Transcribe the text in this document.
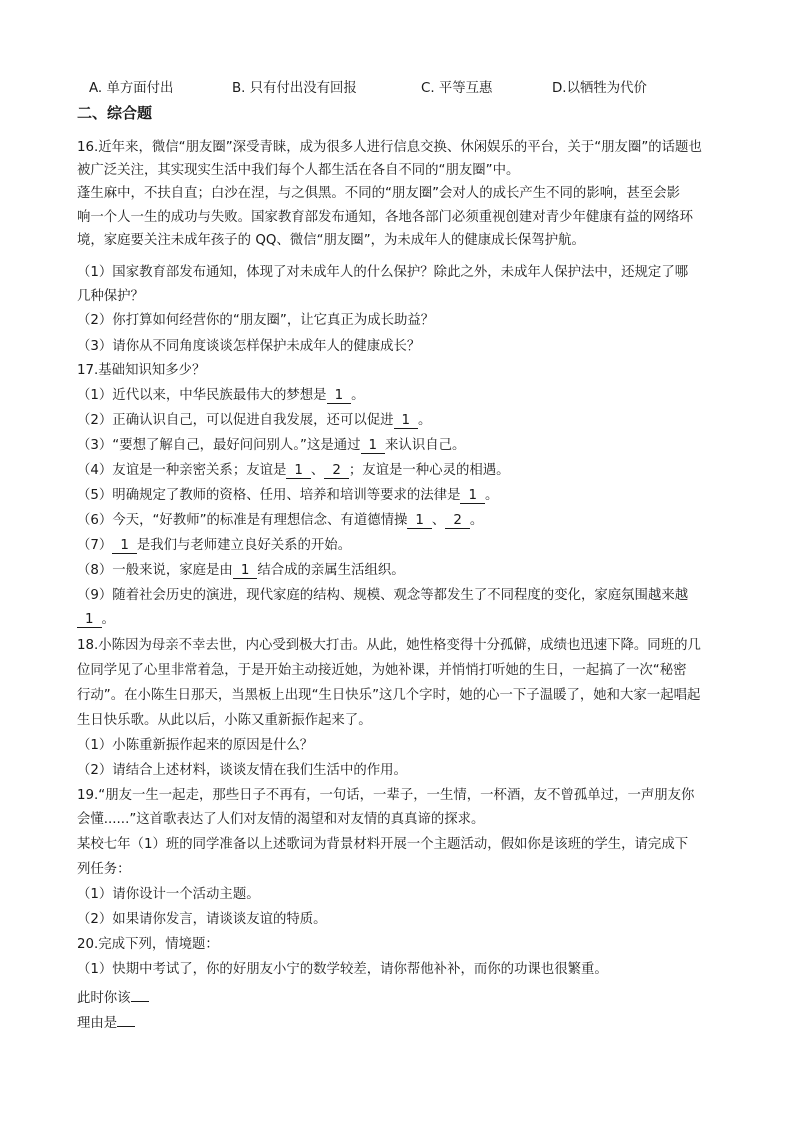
A. 单方面付出	B. 只有付出没有回报	C. 平等互惠	D.以牺牲为代价
二、综合题
16.近年来，微信“朋友圈”深受青睐，成为很多人进行信息交换、休闲娱乐的平台，关于“朋友圈”的话题也
被广泛关注，其实现实生活中我们每个人都生活在各自不同的“朋友圈”中。
蓬生麻中，不扶自直；白沙在涅，与之俱黑。不同的“朋友圈”会对人的成长产生不同的影响，甚至会影
响一个人一生的成功与失败。国家教育部发布通知，各地各部门必须重视创建对青少年健康有益的网络环
境，家庭要关注未成年孩子的 QQ、微信“朋友圈”，为未成年人的健康成长保驾护航。
（1）国家教育部发布通知，体现了对未成年人的什么保护？除此之外，未成年人保护法中，还规定了哪
几种保护？
（2）你打算如何经营你的“朋友圈”，让它真正为成长助益？
（3）请你从不同角度谈谈怎样保护未成年人的健康成长？
17.基础知识知多少？
（1）近代以来，中华民族最伟大的梦想是 1 。
（2）正确认识自己，可以促进自我发展，还可以促进 1 。
（3）“要想了解自己，最好问问别人。”这是通过 1 来认识自己。
（4）友谊是一种亲密关系；友谊是 1 、 2 ；友谊是一种心灵的相遇。
（5）明确规定了教师的资格、任用、培养和培训等要求的法律是 1 。
（6）今天，“好教师”的标准是有理想信念、有道德情操 1 、 2 。
（7） 1 是我们与老师建立良好关系的开始。
（8）一般来说，家庭是由 1 结合成的亲属生活组织。
（9）随着社会历史的演进，现代家庭的结构、规模、观念等都发生了不同程度的变化，家庭氛围越来越
1 。
18.小陈因为母亲不幸去世，内心受到极大打击。从此，她性格变得十分孤僻，成绩也迅速下降。同班的几
位同学见了心里非常着急，于是开始主动接近她，为她补课，并悄悄打听她的生日，一起搞了一次“秘密
行动”。在小陈生日那天，当黑板上出现“生日快乐”这几个字时，她的心一下子温暖了，她和大家一起唱起
生日快乐歌。从此以后，小陈又重新振作起来了。
（1）小陈重新振作起来的原因是什么？
（2）请结合上述材料，谈谈友情在我们生活中的作用。
19.“朋友一生一起走，那些日子不再有，一句话，一辈子，一生情，一杯酒，友不曾孤单过，一声朋友你
会懂......”这首歌表达了人们对友情的渴望和对友情的真真谛的探求。
某校七年（1）班的同学准备以上述歌词为背景材料开展一个主题活动，假如你是该班的学生，请完成下
列任务：
（1）请你设计一个活动主题。
（2）如果请你发言，请谈谈友谊的特质。
20.完成下列，情境题：
（1）快期中考试了，你的好朋友小宁的数学较差，请你帮他补补，而你的功课也很繁重。
此时你该
理由是
